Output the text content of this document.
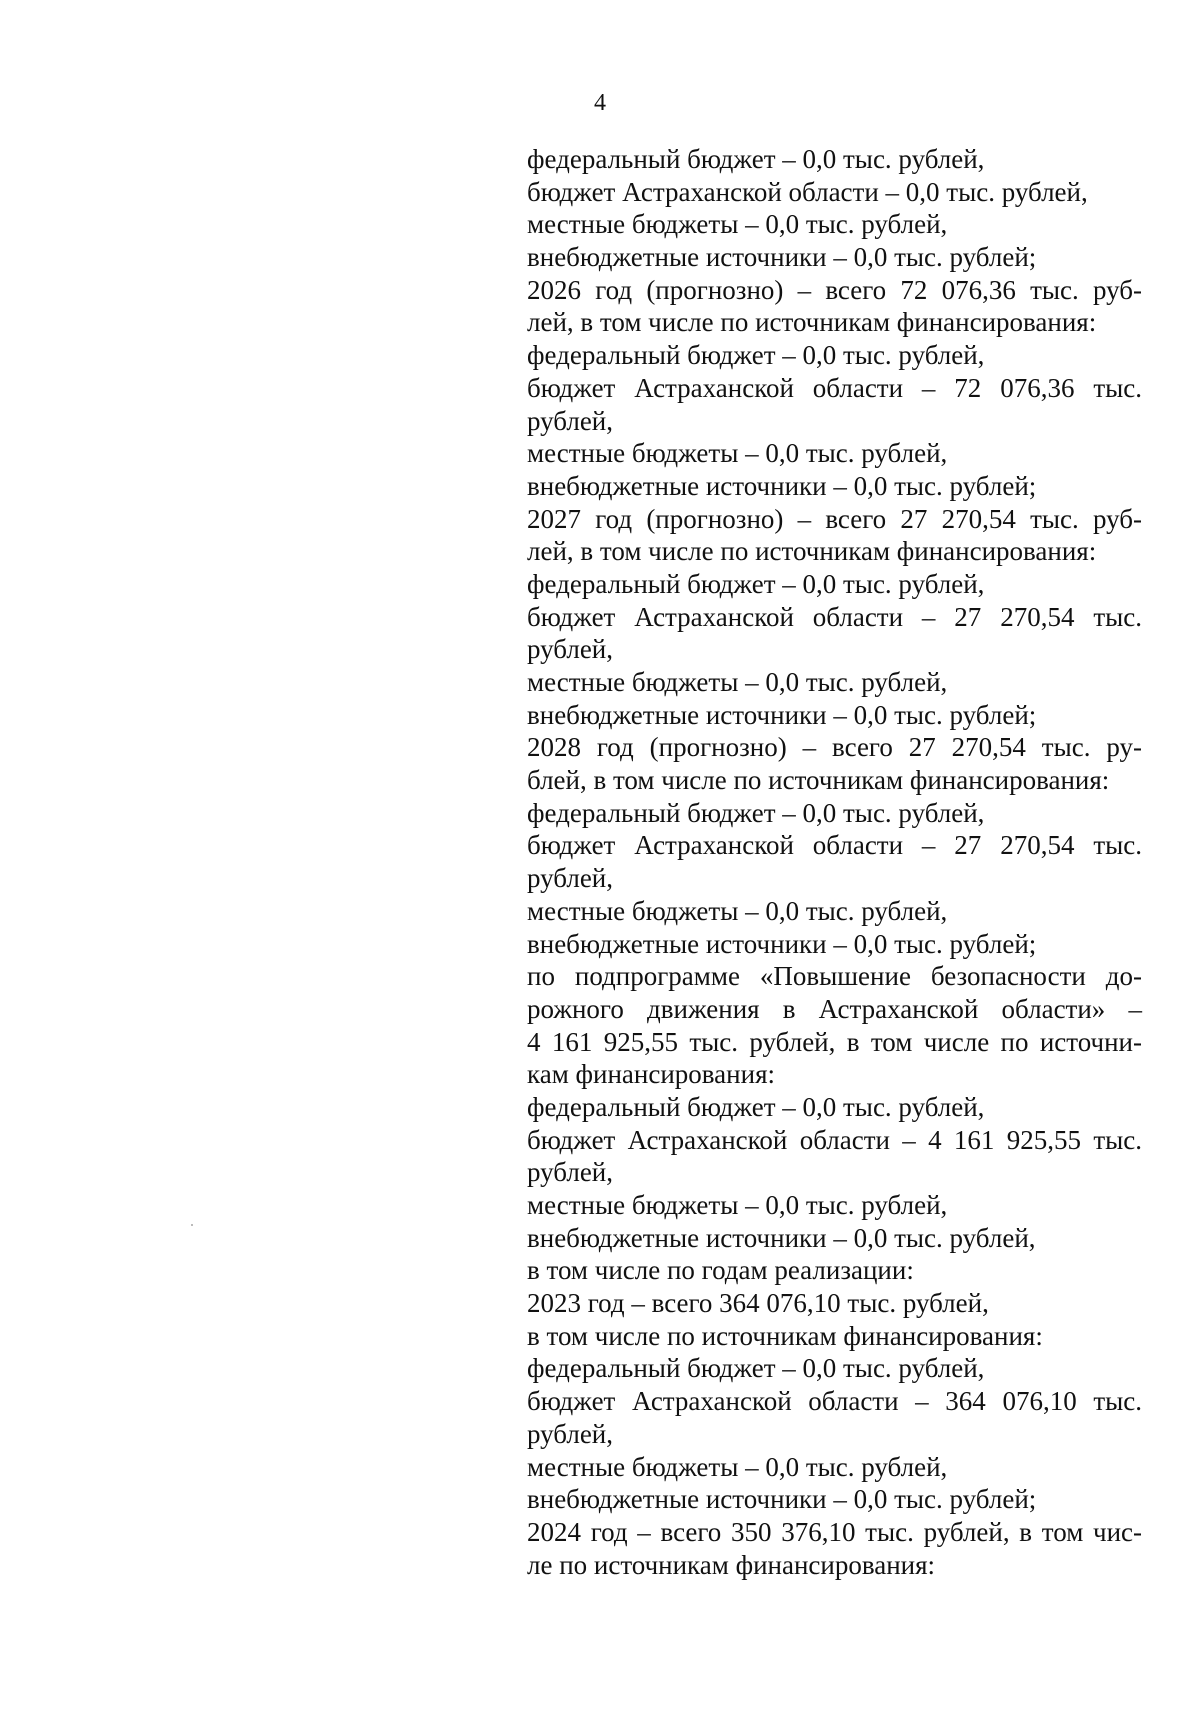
4
федеральный бюджет – 0,0 тыс. рублей,
бюджет Астраханской области – 0,0 тыс. рублей,
местные бюджеты – 0,0 тыс. рублей,
внебюджетные источники – 0,0 тыс. рублей;
2026 год (прогнозно) – всего 72 076,36 тыс. руб-
лей, в том числе по источникам финансирования:
федеральный бюджет – 0,0 тыс. рублей,
бюджет Астраханской области – 72 076,36 тыс.
рублей,
местные бюджеты – 0,0 тыс. рублей,
внебюджетные источники – 0,0 тыс. рублей;
2027 год (прогнозно) – всего 27 270,54 тыс. руб-
лей, в том числе по источникам финансирования:
федеральный бюджет – 0,0 тыс. рублей,
бюджет Астраханской области – 27 270,54 тыс.
рублей,
местные бюджеты – 0,0 тыс. рублей,
внебюджетные источники – 0,0 тыс. рублей;
2028 год (прогнозно) – всего 27 270,54 тыс. ру-
блей, в том числе по источникам финансирования:
федеральный бюджет – 0,0 тыс. рублей,
бюджет Астраханской области – 27 270,54 тыс.
рублей,
местные бюджеты – 0,0 тыс. рублей,
внебюджетные источники – 0,0 тыс. рублей;
по подпрограмме «Повышение безопасности до-
рожного движения в Астраханской области» –
4 161 925,55 тыс. рублей, в том числе по источни-
кам финансирования:
федеральный бюджет – 0,0 тыс. рублей,
бюджет Астраханской области – 4 161 925,55 тыс.
рублей,
местные бюджеты – 0,0 тыс. рублей,
внебюджетные источники – 0,0 тыс. рублей,
в том числе по годам реализации:
2023 год – всего 364 076,10 тыс. рублей,
в том числе по источникам финансирования:
федеральный бюджет – 0,0 тыс. рублей,
бюджет Астраханской области – 364 076,10 тыс.
рублей,
местные бюджеты – 0,0 тыс. рублей,
внебюджетные источники – 0,0 тыс. рублей;
2024 год – всего 350 376,10 тыс. рублей, в том чис-
ле по источникам финансирования:
